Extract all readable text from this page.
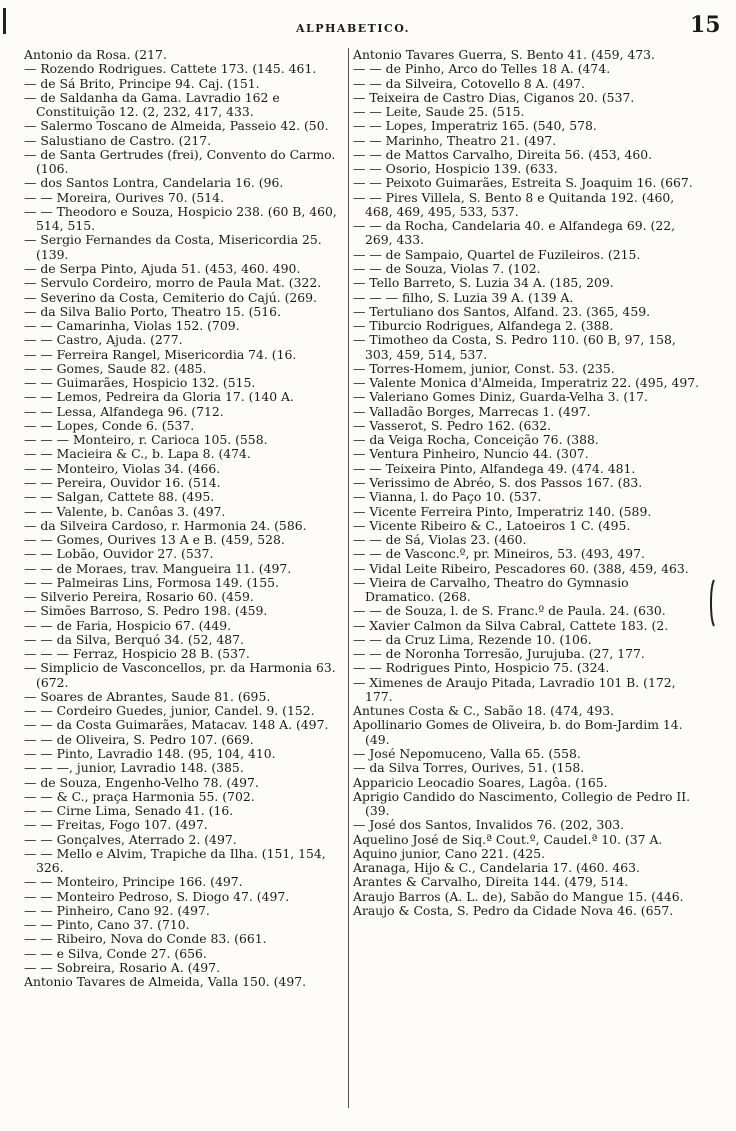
ALPHABETICO.	15

Antonio da Rosa. (217.

— Rozendo Rodrigues. Cattete 173. (145. 461.

— de Sá Brito, Principe 94. Caj. (151.

— de Saldanha da Gama. Lavradio 162 e Constituição 12. (2, 232, 417, 433.

— Salermo Toscano de Almeida, Passeio 42. (50.

— Salustiano de Castro. (217.

— de Santa Gertrudes (frei), Convento do Carmo. (106.

— dos Santos Lontra, Candelaria 16. (96.

— — Moreira, Ourives 70. (514.

— — Theodoro e Souza, Hospicio 238. (60 B, 460, 514, 515.

— Sergio Fernandes da Costa, Misericordia 25. (139.

— de Serpa Pinto, Ajuda 51. (453, 460. 490.

— Servulo Cordeiro, morro de Paula Mat. (322.

— Severino da Costa, Cemiterio do Cajú. (269.

— da Silva Balio Porto, Theatro 15. (516.

— — Camarinha, Violas 152. (709.

— — Castro, Ajuda. (277.

— — Ferreira Rangel, Misericordia 74. (16.

— — Gomes, Saude 82. (485.

— — Guimarães, Hospicio 132. (515.

— — Lemos, Pedreira da Gloria 17. (140 A.

— — Lessa, Alfandega 96. (712.

— — Lopes, Conde 6. (537.

— — — Monteiro, r. Carioca 105. (558.

— — Macieira & C., b. Lapa 8. (474.

— — Monteiro, Violas 34. (466.

— — Pereira, Ouvidor 16. (514.

— — Salgan, Cattete 88. (495.

— — Valente, b. Canôas 3. (497.

— da Silveira Cardoso, r. Harmonia 24. (586.

— — Gomes, Ourives 13 A e B. (459, 528.

— — Lobão, Ouvidor 27. (537.

— — de Moraes, trav. Mangueira 11. (497.

— — Palmeiras Lins, Formosa 149. (155.

— Silverio Pereira, Rosario 60. (459.

— Simões Barroso, S. Pedro 198. (459.

— — de Faria, Hospicio 67. (449.

— — da Silva, Berquó 34. (52, 487.

— — — Ferraz, Hospicio 28 B. (537.

— Simplicio de Vasconcellos, pr. da Harmonia 63. (672.

— Soares de Abrantes, Saude 81. (695.

— — Cordeiro Guedes, junior, Candel. 9. (152.

— — da Costa Guimarães, Matacav. 148 A. (497.

— — de Oliveira, S. Pedro 107. (669.

— — Pinto, Lavradio 148. (95, 104, 410.

— — —, junior, Lavradio 148. (385.

— de Souza, Engenho-Velho 78. (497.

— — & C., praça Harmonia 55. (702.

— — Cirne Lima, Senado 41. (16.

— — Freitas, Fogo 107. (497.

— — Gonçalves, Aterrado 2. (497.

— — Mello e Alvim, Trapiche da Ilha. (151, 154, 326.

— — Monteiro, Principe 166. (497.

— — Monteiro Pedroso, S. Diogo 47. (497.

— — Pinheiro, Cano 92. (497.

— — Pinto, Cano 37. (710.

— — Ribeiro, Nova do Conde 83. (661.

— — e Silva, Conde 27. (656.

— — Sobreira, Rosario A. (497.

Antonio Tavares de Almeida, Valla 150. (497.

Antonio Tavares Guerra, S. Bento 41. (459, 473.

— — de Pinho, Arco do Telles 18 A. (474.

— — da Silveira, Cotovello 8 A. (497.

— Teixeira de Castro Dias, Ciganos 20. (537.

— — Leite, Saude 25. (515.

— — Lopes, Imperatriz 165. (540, 578.

— — Marinho, Theatro 21. (497.

— — de Mattos Carvalho, Direita 56. (453, 460.

— — Osorio, Hospicio 139. (633.

— — Peixoto Guimarães, Estreita S. Joaquim 16. (667.

— — Pires Villela, S. Bento 8 e Quitanda 192. (460, 468, 469, 495, 533, 537.

— — da Rocha, Candelaria 40. e Alfandega 69. (22, 269, 433.

— — de Sampaio, Quartel de Fuzileiros. (215.

— — de Souza, Violas 7. (102.

— Tello Barreto, S. Luzia 34 A. (185, 209.

— — — filho, S. Luzia 39 A. (139 A.

— Tertuliano dos Santos, Alfand. 23. (365, 459.

— Tiburcio Rodrigues, Alfandega 2. (388.

— Timotheo da Costa, S. Pedro 110. (60 B, 97, 158, 303, 459, 514, 537.

— Torres-Homem, junior, Const. 53. (235.

— Valente Monica d'Almeida, Imperatriz 22. (495, 497.

— Valeriano Gomes Diniz, Guarda-Velha 3. (17.

— Valladão Borges, Marrecas 1. (497.

— Vasserot, S. Pedro 162. (632.

— da Veiga Rocha, Conceição 76. (388.

— Ventura Pinheiro, Nuncio 44. (307.

— — Teixeira Pinto, Alfandega 49. (474. 481.

— Verissimo de Abréo, S. dos Passos 167. (83.

— Vianna, l. do Paço 10. (537.

— Vicente Ferreira Pinto, Imperatriz 140. (589.

— Vicente Ribeiro & C., Latoeiros 1 C. (495.

— — de Sá, Violas 23. (460.

— — de Vasconc.º, pr. Mineiros, 53. (493, 497.

— Vidal Leite Ribeiro, Pescadores 60. (388, 459, 463.

— Vieira de Carvalho, Theatro do Gymnasio Dramatico. (268.

— — de Souza, l. de S. Franc.º de Paula. 24. (630.

— Xavier Calmon da Silva Cabral, Cattete 183. (2.

— — da Cruz Lima, Rezende 10. (106.

— — de Noronha Torresão, Jurujuba. (27, 177.

— — Rodrigues Pinto, Hospicio 75. (324.

— Ximenes de Araujo Pitada, Lavradio 101 B. (172, 177.

Antunes Costa & C., Sabão 18. (474, 493.

Apollinario Gomes de Oliveira, b. do Bom-Jardim 14. (49.

— José Nepomuceno, Valla 65. (558.

— da Silva Torres, Ourives, 51. (158.

Apparicio Leocadio Soares, Lagôa. (165.

Aprigio Candido do Nascimento, Collegio de Pedro II. (39.

— José dos Santos, Invalidos 76. (202, 303.

Aquelino José de Siq.ª Cout.º, Caudel.ª 10. (37 A.

Aquino junior, Cano 221. (425.

Aranaga, Hijo & C., Candelaria 17. (460. 463.

Arantes & Carvalho, Direita 144. (479, 514.

Araujo Barros (A. L. de), Sabão do Mangue 15. (446.

Araujo & Costa, S. Pedro da Cidade Nova 46. (657.
